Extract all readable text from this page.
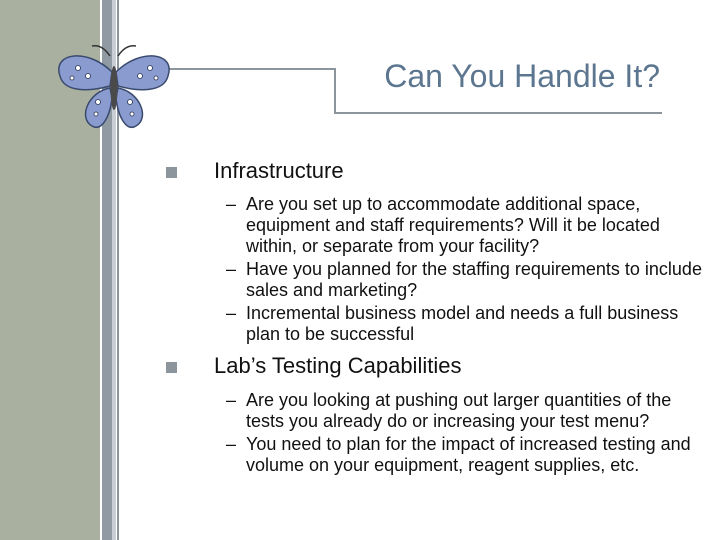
Can You Handle It?
Infrastructure
– Are you set up to accommodate additional space, equipment and staff requirements? Will it be located within, or separate from your facility?
– Have you planned for the staffing requirements to include sales and marketing?
– Incremental business model and needs a full business plan to be successful
Lab’s Testing Capabilities
– Are you looking at pushing out larger quantities of the tests you already do or increasing your test menu?
– You need to plan for the impact of increased testing and volume on your equipment, reagent supplies, etc.
